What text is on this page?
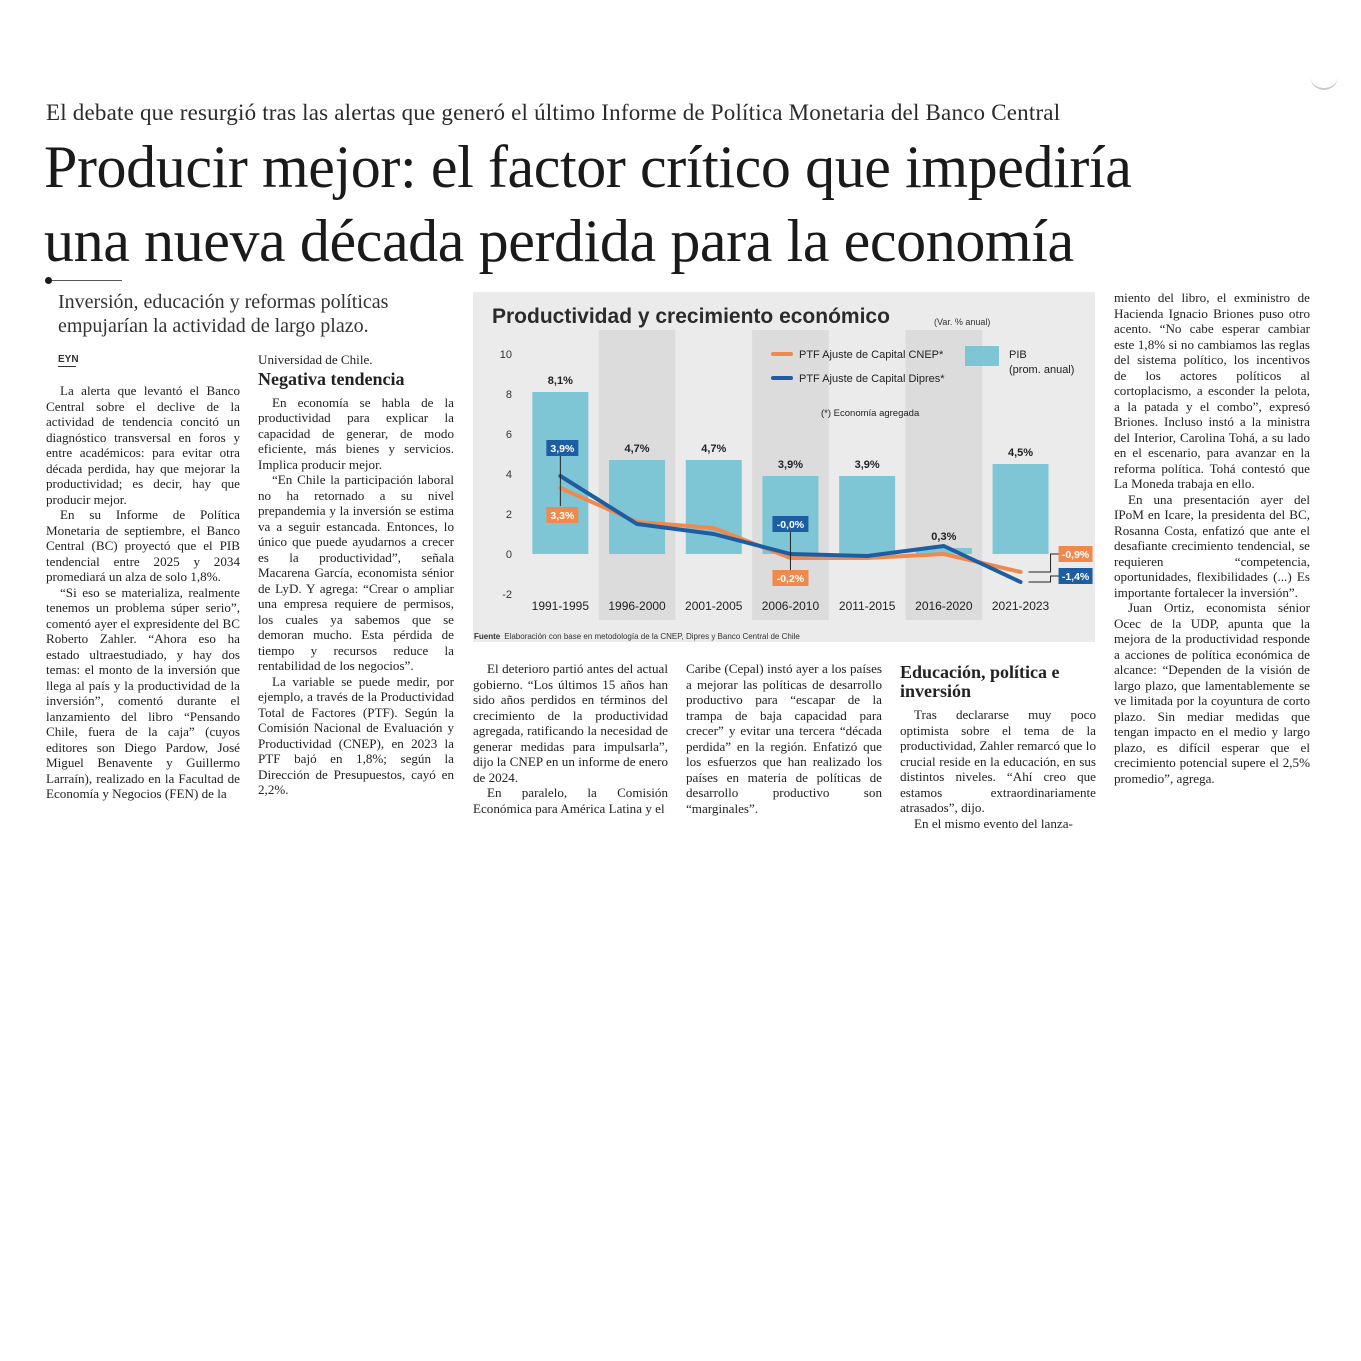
El debate que resurgió tras las alertas que generó el último Informe de Política Monetaria del Banco Central
Producir mejor: el factor crítico que impediría
una nueva década perdida para la economía
Inversión, educación y reformas políticas empujarían la actividad de largo plazo.
EYN

La alerta que levantó el Banco Central sobre el declive de la actividad de tendencia concitó un diagnóstico transversal en foros y entre académicos: para evitar otra década perdida, hay que mejorar la productividad; es decir, hay que producir mejor.

En su Informe de Política Monetaria de septiembre, el Banco Central (BC) proyectó que el PIB tendencial entre 2025 y 2034 promediará un alza de solo 1,8%.

“Si eso se materializa, realmente tenemos un problema súper serio”, comentó ayer el expresidente del BC Roberto Zahler. “Ahora eso ha estado ultraestudiado, y hay dos temas: el monto de la inversión que llega al país y la productividad de la inversión”, comentó durante el lanzamiento del libro “Pensando Chile, fuera de la caja” (cuyos editores son Diego Pardow, José Miguel Benavente y Guillermo Larraín), realizado en la Facultad de Economía y Negocios (FEN) de la

Universidad de Chile.

Negativa tendencia

En economía se habla de la productividad para explicar la capacidad de generar, de modo eficiente, más bienes y servicios. Implica producir mejor.

“En Chile la participación laboral no ha retornado a su nivel prepandemia y la inversión se estima va a seguir estancada. Entonces, lo único que puede ayudarnos a crecer es la productividad”, señala Macarena García, economista sénior de LyD. Y agrega: “Crear o ampliar una empresa requiere de permisos, los cuales ya sabemos que se demoran mucho. Esta pérdida de tiempo y recursos reduce la rentabilidad de los negocios”.

La variable se puede medir, por ejemplo, a través de la Productividad Total de Factores (PTF). Según la Comisión Nacional de Evaluación y Productividad (CNEP), en 2023 la PTF bajó en 1,8%; según la Dirección de Presupuestos, cayó en 2,2%.

-2
0
2
4
6
8
10
1991-1995 1996-2000 2001-2005 2006-2010 2011-2015 2016-2020 2021-2023
8,1%
4,7%	4,7%
3,9%	3,9%
0,3%
4,5%
3,9%
3,3%
-0,0%
-0,2%
-0,9%
-1,4%
PTF Ajuste de Capital CNEP*
PTF Ajuste de Capital Dipres*
PIB
(prom. anual)
(*) Economía agregada
Productividad y crecimiento económico	(Var. % anual)
Fuente Elaboración con base en metodología de la CNEP, Dipres y Banco Central de Chile

El deterioro partió antes del actual gobierno. “Los últimos 15 años han sido años perdidos en términos del crecimiento de la productividad agregada, ratificando la necesidad de generar medidas para impulsarla”, dijo la CNEP en un informe de enero de 2024.

En paralelo, la Comisión Económica para América Latina y el

Caribe (Cepal) instó ayer a los países a mejorar las políticas de desarrollo productivo para “escapar de la trampa de baja capacidad para crecer” y evitar una tercera “década perdida” en la región. Enfatizó que los esfuerzos que han realizado los países en materia de políticas de desarrollo productivo son “marginales”.

Educación, política e inversión

Tras declararse muy poco optimista sobre el tema de la productividad, Zahler remarcó que lo crucial reside en la educación, en sus distintos niveles. “Ahí creo que estamos extraordinariamente atrasados”, dijo.

En el mismo evento del lanza-

miento del libro, el exministro de Hacienda Ignacio Briones puso otro acento. “No cabe esperar cambiar este 1,8% si no cambiamos las reglas del sistema político, los incentivos de los actores políticos al cortoplacismo, a esconder la pelota, a la patada y el combo”, expresó Briones. Incluso instó a la ministra del Interior, Carolina Tohá, a su lado en el escenario, para avanzar en la reforma política. Tohá contestó que La Moneda trabaja en ello.

En una presentación ayer del IPoM en Icare, la presidenta del BC, Rosanna Costa, enfatizó que ante el desafiante crecimiento tendencial, se requieren “competencia, oportunidades, flexibilidades (...) Es importante fortalecer la inversión”.

Juan Ortiz, economista sénior Ocec de la UDP, apunta que la mejora de la productividad responde a acciones de política económica de alcance: “Dependen de la visión de largo plazo, que lamentablemente se ve limitada por la coyuntura de corto plazo. Sin mediar medidas que tengan impacto en el medio y largo plazo, es difícil esperar que el crecimiento potencial supere el 2,5% promedio”, agrega.
